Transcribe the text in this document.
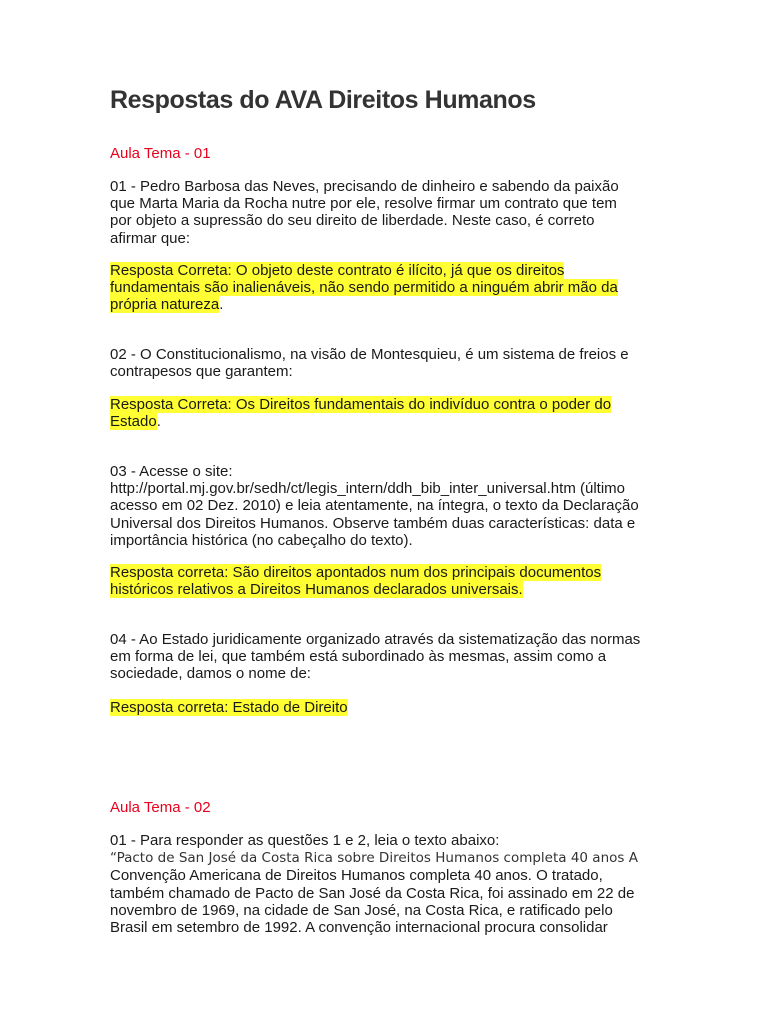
Respostas do AVA Direitos Humanos
Aula Tema - 01
01 - Pedro Barbosa das Neves, precisando de dinheiro e sabendo da paixão
que Marta Maria da Rocha nutre por ele, resolve firmar um contrato que tem
por objeto a supressão do seu direito de liberdade. Neste caso, é correto
afirmar que:
Resposta Correta: O objeto deste contrato é ilícito, já que os direitos
fundamentais são inalienáveis, não sendo permitido a ninguém abrir mão da
própria natureza.
02 - O Constitucionalismo, na visão de Montesquieu, é um sistema de freios e
contrapesos que garantem:
Resposta Correta: Os Direitos fundamentais do indivíduo contra o poder do
Estado.
03 - Acesse o site:
http://portal.mj.gov.br/sedh/ct/legis_intern/ddh_bib_inter_universal.htm (último
acesso em 02 Dez. 2010) e leia atentamente, na íntegra, o texto da Declaração
Universal dos Direitos Humanos. Observe também duas características: data e
importância histórica (no cabeçalho do texto).
Resposta correta: São direitos apontados num dos principais documentos
históricos relativos a Direitos Humanos declarados universais.
04 - Ao Estado juridicamente organizado através da sistematização das normas
em forma de lei, que também está subordinado às mesmas, assim como a
sociedade, damos o nome de:
Resposta correta: Estado de Direito
Aula Tema - 02
01 - Para responder as questões 1 e 2, leia o texto abaixo:
“Pacto de San José da Costa Rica sobre Direitos Humanos completa 40 anos A
Convenção Americana de Direitos Humanos completa 40 anos. O tratado,
também chamado de Pacto de San José da Costa Rica, foi assinado em 22 de
novembro de 1969, na cidade de San José, na Costa Rica, e ratificado pelo
Brasil em setembro de 1992. A convenção internacional procura consolidar
